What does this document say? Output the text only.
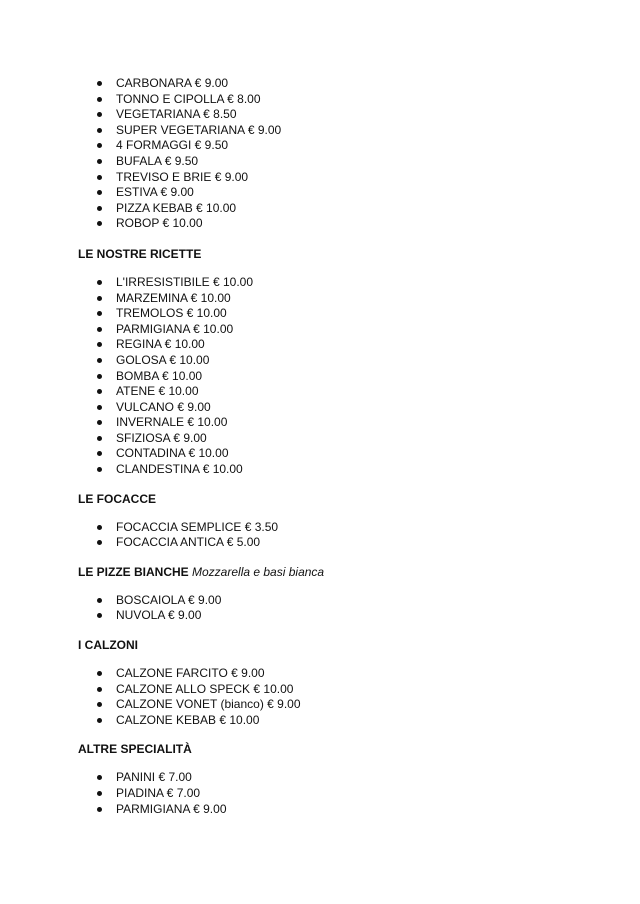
CARBONARA € 9.00
TONNO E CIPOLLA € 8.00
VEGETARIANA € 8.50
SUPER VEGETARIANA € 9.00
4 FORMAGGI € 9.50
BUFALA € 9.50
TREVISO E BRIE € 9.00
ESTIVA € 9.00
PIZZA KEBAB € 10.00
ROBOP € 10.00
LE NOSTRE RICETTE
L'IRRESISTIBILE € 10.00
MARZEMINA € 10.00
TREMOLOS € 10.00
PARMIGIANA € 10.00
REGINA € 10.00
GOLOSA € 10.00
BOMBA € 10.00
ATENE € 10.00
VULCANO € 9.00
INVERNALE € 10.00
SFIZIOSA € 9.00
CONTADINA € 10.00
CLANDESTINA € 10.00
LE FOCACCE
FOCACCIA SEMPLICE € 3.50
FOCACCIA ANTICA € 5.00
LE PIZZE BIANCHE Mozzarella e basi bianca
BOSCAIOLA € 9.00
NUVOLA € 9.00
I CALZONI
CALZONE FARCITO € 9.00
CALZONE ALLO SPECK € 10.00
CALZONE VONET (bianco) € 9.00
CALZONE KEBAB € 10.00
ALTRE SPECIALITÀ
PANINI € 7.00
PIADINA € 7.00
PARMIGIANA € 9.00
